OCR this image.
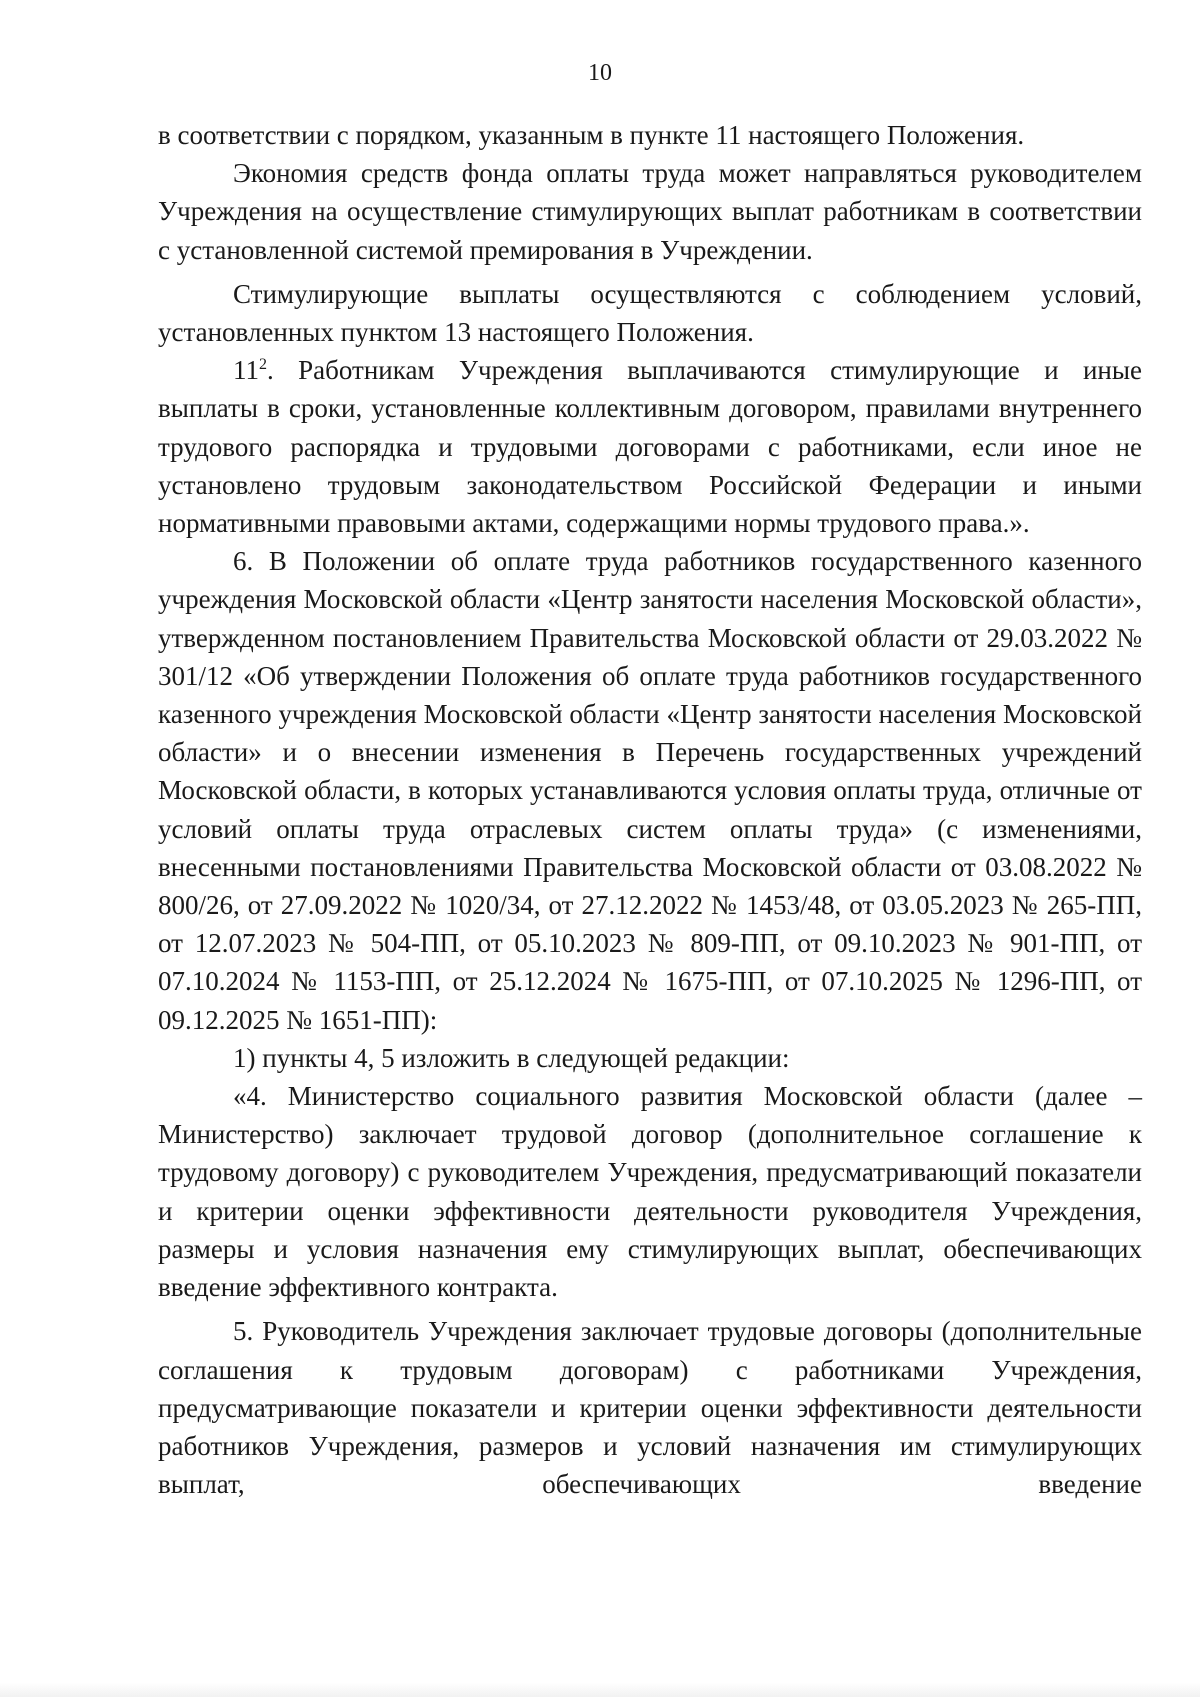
10

в соответствии с порядком, указанным в пункте 11 настоящего Положения.

Экономия средств фонда оплаты труда может направляться руководителем Учреждения на осуществление стимулирующих выплат работникам в соответствии с установленной системой премирования в Учреждении.

Стимулирующие выплаты осуществляются с соблюдением условий, установленных пунктом 13 настоящего Положения.

$11^2$. Работникам Учреждения выплачиваются стимулирующие и иные выплаты в сроки, установленные коллективным договором, правилами внутреннего трудового распорядка и трудовыми договорами с работниками, если иное не установлено трудовым законодательством Российской Федерации и иными нормативными правовыми актами, содержащими нормы трудового права.».

6. В Положении об оплате труда работников государственного казенного учреждения Московской области «Центр занятости населения Московской области», утвержденном постановлением Правительства Московской области от 29.03.2022 № 301/12 «Об утверждении Положения об оплате труда работников государственного казенного учреждения Московской области «Центр занятости населения Московской области» и о внесении изменения в Перечень государственных учреждений Московской области, в которых устанавливаются условия оплаты труда, отличные от условий оплаты труда отраслевых систем оплаты труда» (с изменениями, внесенными постановлениями Правительства Московской области от 03.08.2022 № 800/26, от 27.09.2022 № 1020/34, от 27.12.2022 № 1453/48, от 03.05.2023 № 265-ПП, от 12.07.2023 № 504-ПП, от 05.10.2023 № 809-ПП, от 09.10.2023 № 901-ПП, от 07.10.2024 № 1153-ПП, от 25.12.2024 № 1675-ПП, от 07.10.2025 № 1296-ПП, от 09.12.2025 № 1651-ПП):

1) пункты 4, 5 изложить в следующей редакции:

«4. Министерство социального развития Московской области (далее – Министерство) заключает трудовой договор (дополнительное соглашение к трудовому договору) с руководителем Учреждения, предусматривающий показатели и критерии оценки эффективности деятельности руководителя Учреждения, размеры и условия назначения ему стимулирующих выплат, обеспечивающих введение эффективного контракта.

5. Руководитель Учреждения заключает трудовые договоры (дополнительные соглашения к трудовым договорам) с работниками Учреждения, предусматривающие показатели и критерии оценки эффективности деятельности работников Учреждения, размеров и условий назначения им стимулирующих выплат, обеспечивающих введение
